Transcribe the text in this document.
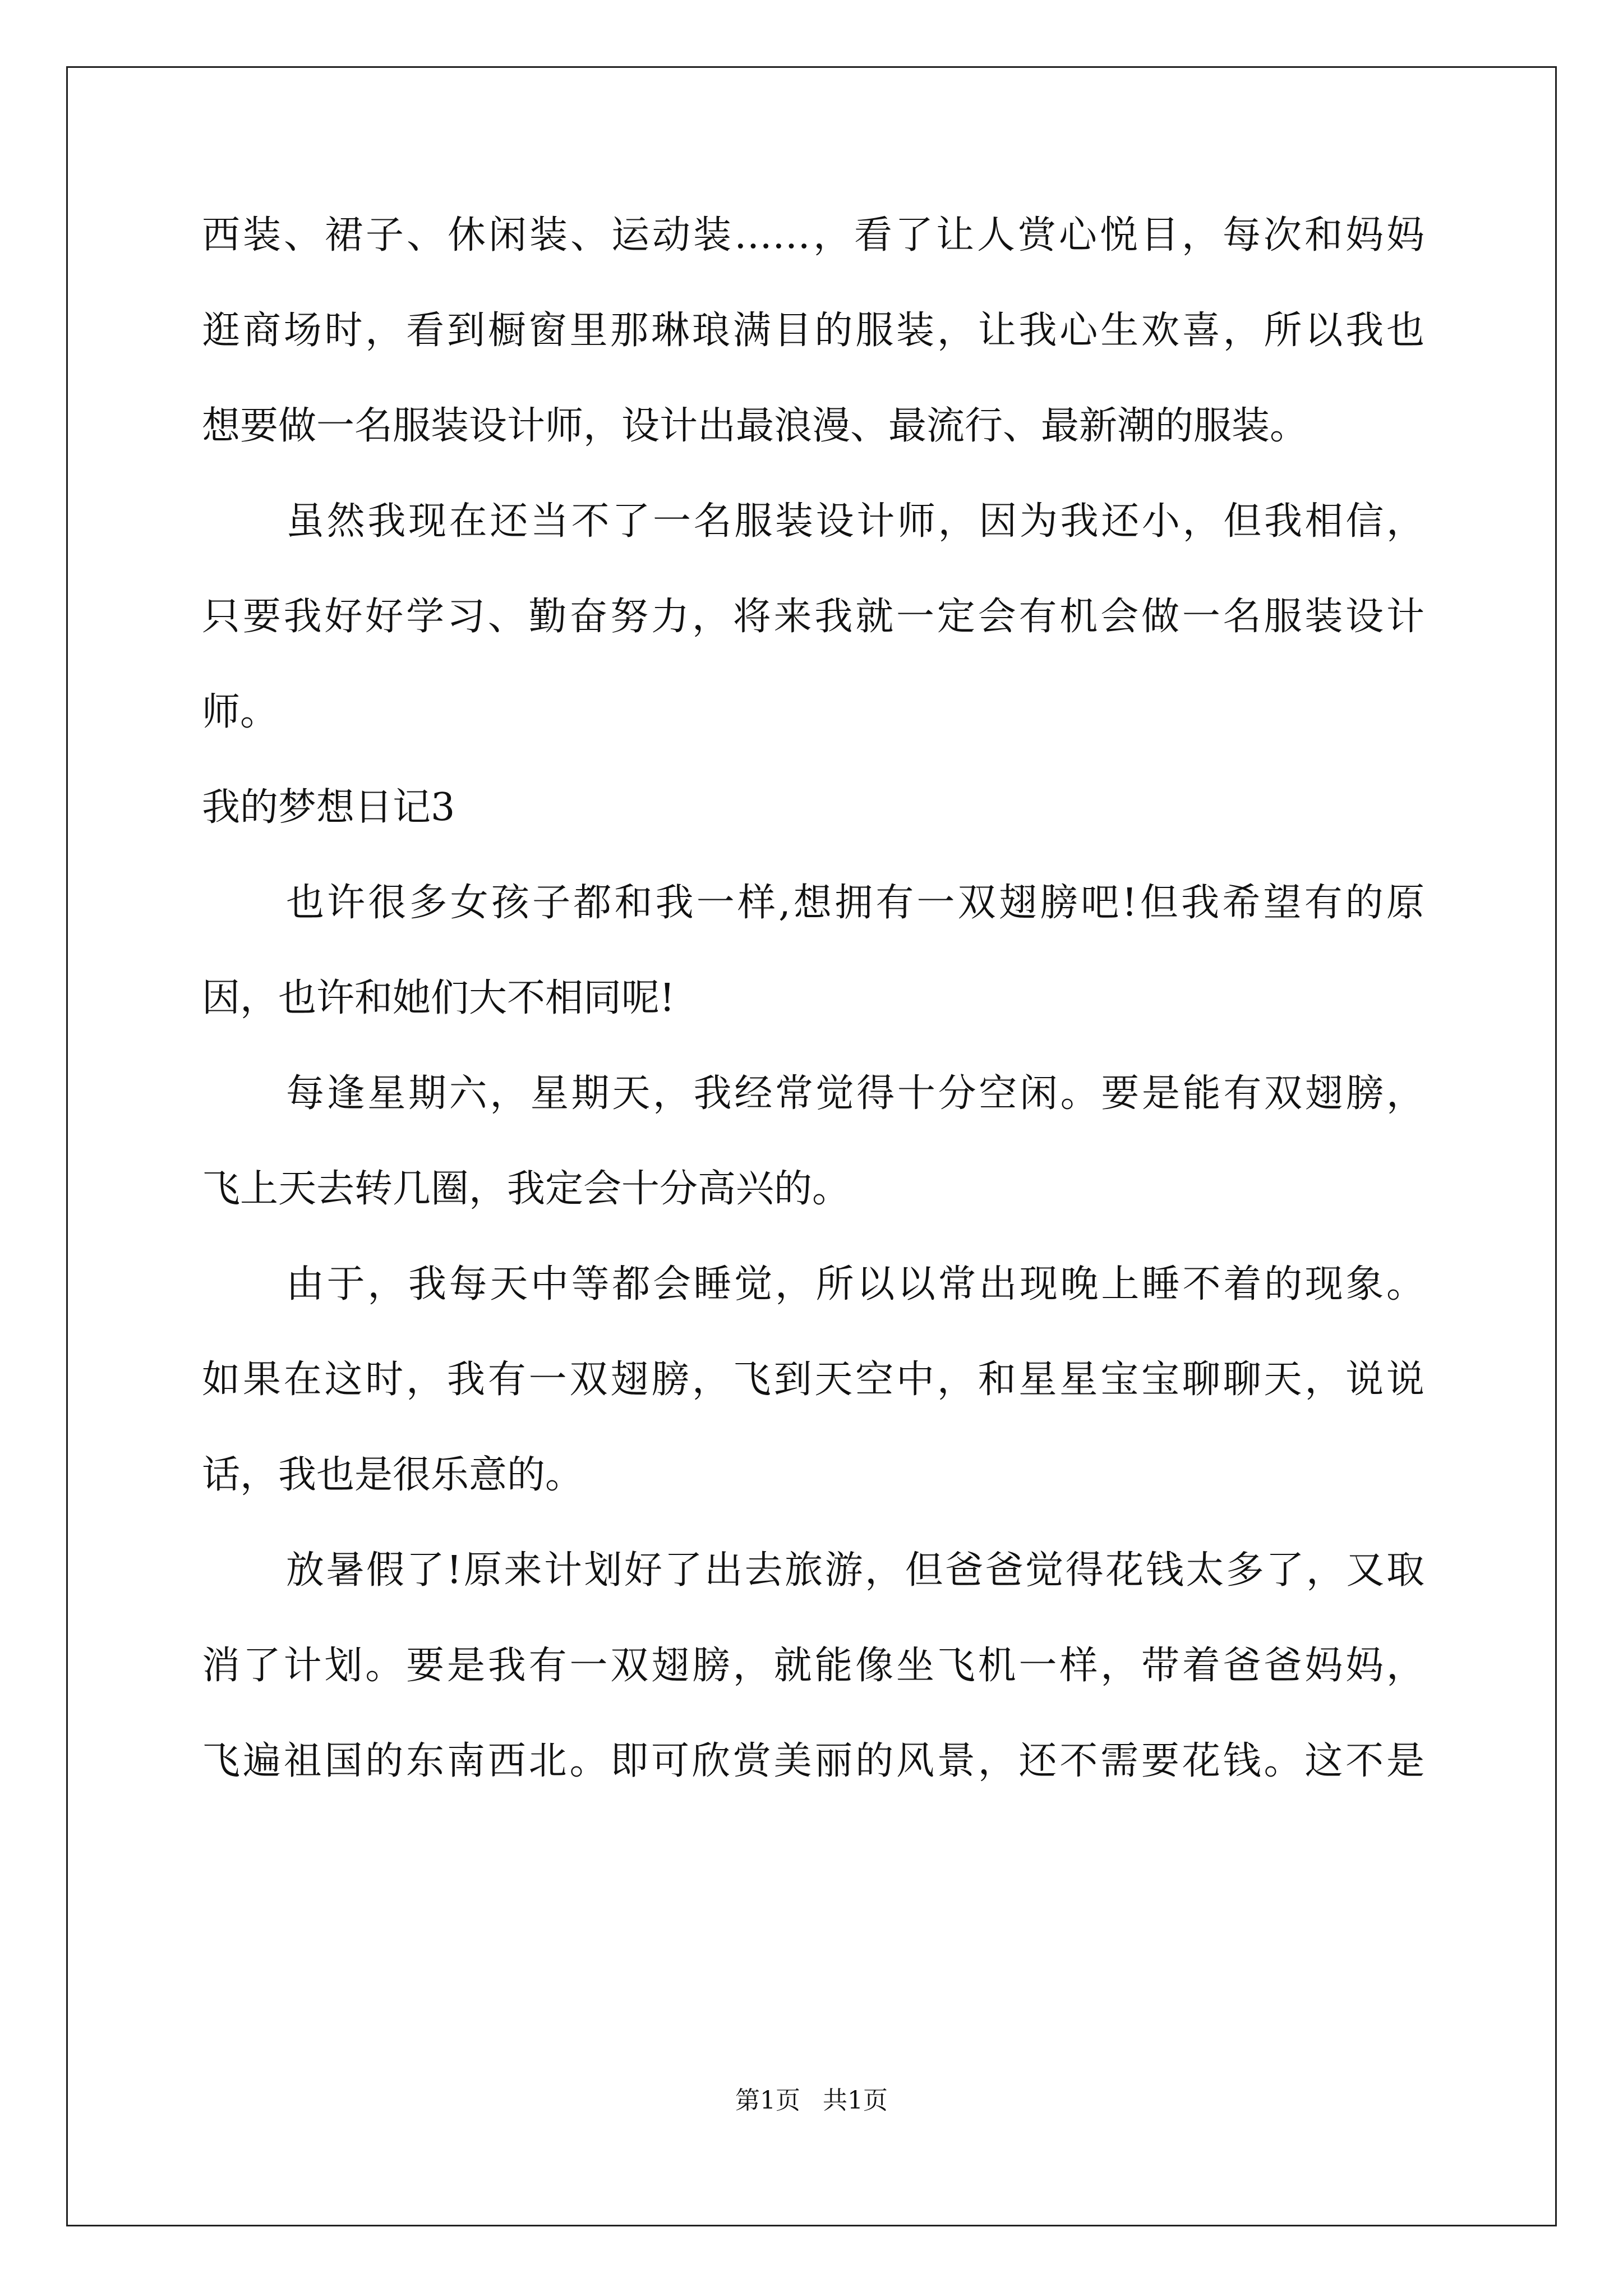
西装、裙子、休闲装、运动装……，看了让人赏心悦目，每次和妈妈
逛商场时，看到橱窗里那琳琅满目的服装，让我心生欢喜，所以我也
想要做一名服装设计师，设计出最浪漫、最流行、最新潮的服装。
虽然我现在还当不了一名服装设计师，因为我还小，但我相信，
只要我好好学习、勤奋努力，将来我就一定会有机会做一名服装设计
师。
我的梦想日记3
也许很多女孩子都和我一样,想拥有一双翅膀吧!但我希望有的原
因，也许和她们大不相同呢!
每逢星期六，星期天，我经常觉得十分空闲。要是能有双翅膀，
飞上天去转几圈，我定会十分高兴的。
由于，我每天中等都会睡觉，所以以常出现晚上睡不着的现象。
如果在这时，我有一双翅膀，飞到天空中，和星星宝宝聊聊天，说说
话，我也是很乐意的。
放暑假了!原来计划好了出去旅游，但爸爸觉得花钱太多了，又取
消了计划。要是我有一双翅膀，就能像坐飞机一样，带着爸爸妈妈，
飞遍祖国的东南西北。即可欣赏美丽的风景，还不需要花钱。这不是
第1页 共1页
